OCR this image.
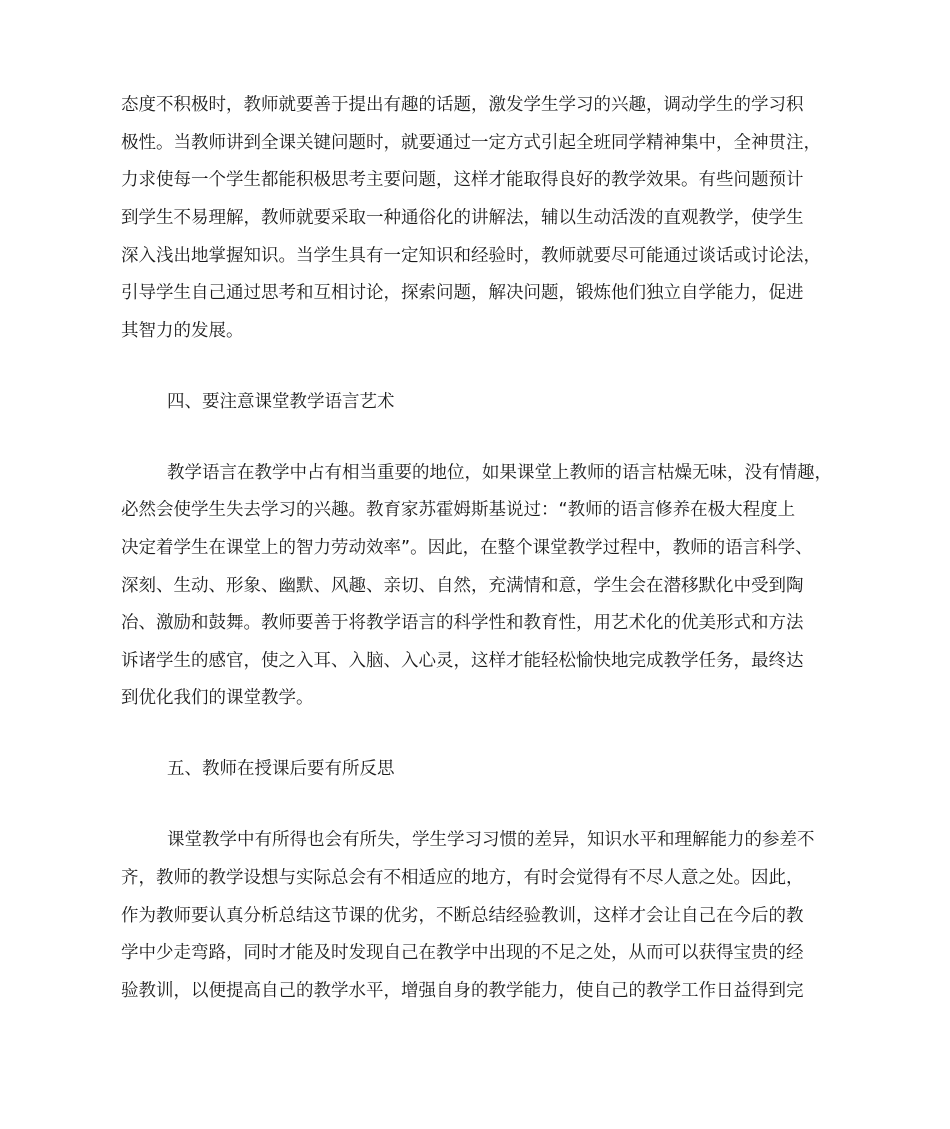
态度不积极时，教师就要善于提出有趣的话题，激发学生学习的兴趣，调动学生的学习积
极性。当教师讲到全课关键问题时，就要通过一定方式引起全班同学精神集中，全神贯注，
力求使每一个学生都能积极思考主要问题，这样才能取得良好的教学效果。有些问题预计
到学生不易理解，教师就要采取一种通俗化的讲解法，辅以生动活泼的直观教学，使学生
深入浅出地掌握知识。当学生具有一定知识和经验时，教师就要尽可能通过谈话或讨论法，
引导学生自己通过思考和互相讨论，探索问题，解决问题，锻炼他们独立自学能力，促进
其智力的发展。
四、要注意课堂教学语言艺术
教学语言在教学中占有相当重要的地位，如果课堂上教师的语言枯燥无味，没有情趣，
必然会使学生失去学习的兴趣。教育家苏霍姆斯基说过：“教师的语言修养在极大程度上
决定着学生在课堂上的智力劳动效率”。因此，在整个课堂教学过程中，教师的语言科学、
深刻、生动、形象、幽默、风趣、亲切、自然，充满情和意，学生会在潜移默化中受到陶
冶、激励和鼓舞。教师要善于将教学语言的科学性和教育性，用艺术化的优美形式和方法
诉诸学生的感官，使之入耳、入脑、入心灵，这样才能轻松愉快地完成教学任务，最终达
到优化我们的课堂教学。
五、教师在授课后要有所反思
课堂教学中有所得也会有所失，学生学习习惯的差异，知识水平和理解能力的参差不
齐，教师的教学设想与实际总会有不相适应的地方，有时会觉得有不尽人意之处。因此，
作为教师要认真分析总结这节课的优劣，不断总结经验教训，这样才会让自己在今后的教
学中少走弯路，同时才能及时发现自己在教学中出现的不足之处，从而可以获得宝贵的经
验教训，以便提高自己的教学水平，增强自身的教学能力，使自己的教学工作日益得到完
